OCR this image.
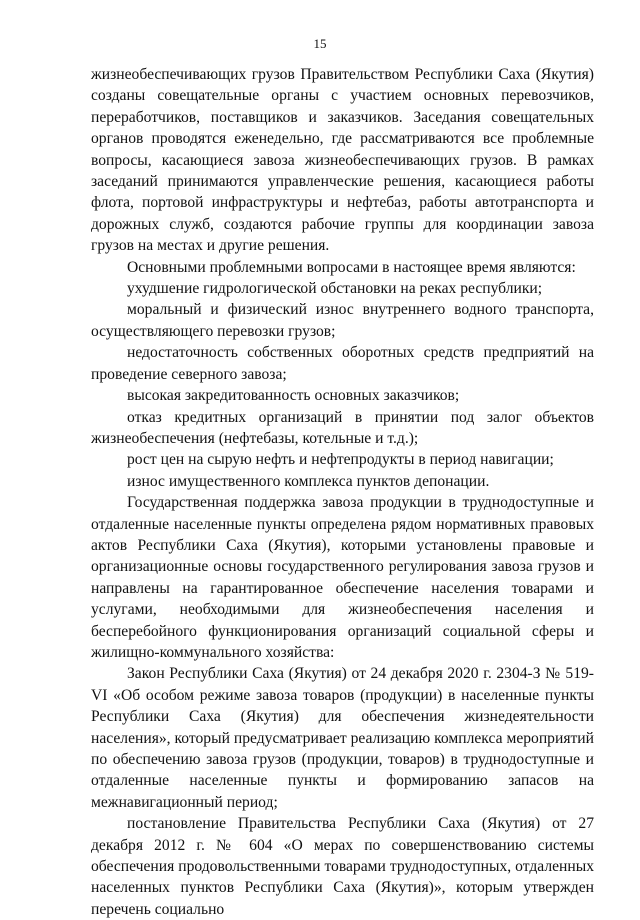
15

жизнеобеспечивающих грузов Правительством Республики Саха (Якутия) созданы совещательные органы с участием основных перевозчиков, переработчиков, поставщиков и заказчиков. Заседания совещательных органов проводятся еженедельно, где рассматриваются все проблемные вопросы, касающиеся завоза жизнеобеспечивающих грузов. В рамках заседаний принимаются управленческие решения, касающиеся работы флота, портовой инфраструктуры и нефтебаз, работы автотранспорта и дорожных служб, создаются рабочие группы для координации завоза грузов на местах и другие решения.

Основными проблемными вопросами в настоящее время являются:

ухудшение гидрологической обстановки на реках республики;

моральный и физический износ внутреннего водного транспорта, осуществляющего перевозки грузов;

недостаточность собственных оборотных средств предприятий на проведение северного завоза;

высокая закредитованность основных заказчиков;

отказ кредитных организаций в принятии под залог объектов жизнеобеспечения (нефтебазы, котельные и т.д.);

рост цен на сырую нефть и нефтепродукты в период навигации;

износ имущественного комплекса пунктов депонации.

Государственная поддержка завоза продукции в труднодоступные и отдаленные населенные пункты определена рядом нормативных правовых актов Республики Саха (Якутия), которыми установлены правовые и организационные основы государственного регулирования завоза грузов и направлены на гарантированное обеспечение населения товарами и услугами, необходимыми для жизнеобеспечения населения и бесперебойного функционирования организаций социальной сферы и жилищно-коммунального хозяйства:

Закон Республики Саха (Якутия) от 24 декабря 2020 г. 2304-З № 519-VI «Об особом режиме завоза товаров (продукции) в населенные пункты Республики Саха (Якутия) для обеспечения жизнедеятельности населения», который предусматривает реализацию комплекса мероприятий по обеспечению завоза грузов (продукции, товаров) в труднодоступные и отдаленные населенные пункты и формированию запасов на межнавигационный период;

постановление Правительства Республики Саха (Якутия) от 27 декабря 2012 г. № 604 «О мерах по совершенствованию системы обеспечения продовольственными товарами труднодоступных, отдаленных населенных пунктов Республики Саха (Якутия)», которым утвержден перечень социально
